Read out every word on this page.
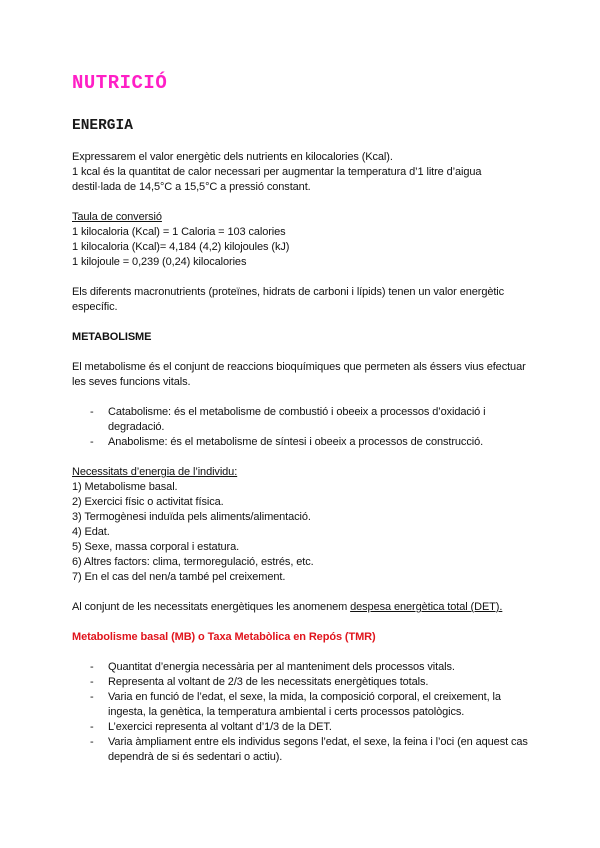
NUTRICIÓ
ENERGIA

Expressarem el valor energètic dels nutrients en kilocalories (Kcal).

1 kcal és la quantitat de calor necessari per augmentar la temperatura d’1 litre d’aigua destil·lada de 14,5°C a 15,5°C a pressió constant.

Taula de conversió

1 kilocaloria (Kcal) = 1 Caloria = 103 calories

1 kilocaloria (Kcal)= 4,184 (4,2) kilojoules (kJ)

1 kilojoule = 0,239 (0,24) kilocalories

Els diferents macronutrients (proteïnes, hidrats de carboni i lípids) tenen un valor energètic específic.

METABOLISME

El metabolisme és el conjunt de reaccions bioquímiques que permeten als éssers vius efectuar les seves funcions vitals.

- Catabolisme: és el metabolisme de combustió i obeeix a processos d’oxidació i degradació.
- Anabolisme: és el metabolisme de síntesi i obeeix a processos de construcció.

Necessitats d’energia de l’individu:

1) Metabolisme basal.

2) Exercici físic o activitat física.

3) Termogènesi induïda pels aliments/alimentació.

4) Edat.

5) Sexe, massa corporal i estatura.

6) Altres factors: clima, termoregulació, estrés, etc.

7) En el cas del nen/a també pel creixement.

Al conjunt de les necessitats energètiques les anomenem despesa energètica total (DET).

Metabolisme basal (MB) o Taxa Metabòlica en Repós (TMR)

- Quantitat d’energia necessària per al manteniment dels processos vitals.
- Representa al voltant de 2/3 de les necessitats energètiques totals.
- Varia en funció de l’edat, el sexe, la mida, la composició corporal, el creixement, la ingesta, la genètica, la temperatura ambiental i certs processos patològics.
- L’exercici representa al voltant d’1/3 de la DET.
- Varia àmpliament entre els individus segons l’edat, el sexe, la feina i l’oci (en aquest cas dependrà de si és sedentari o actiu).
